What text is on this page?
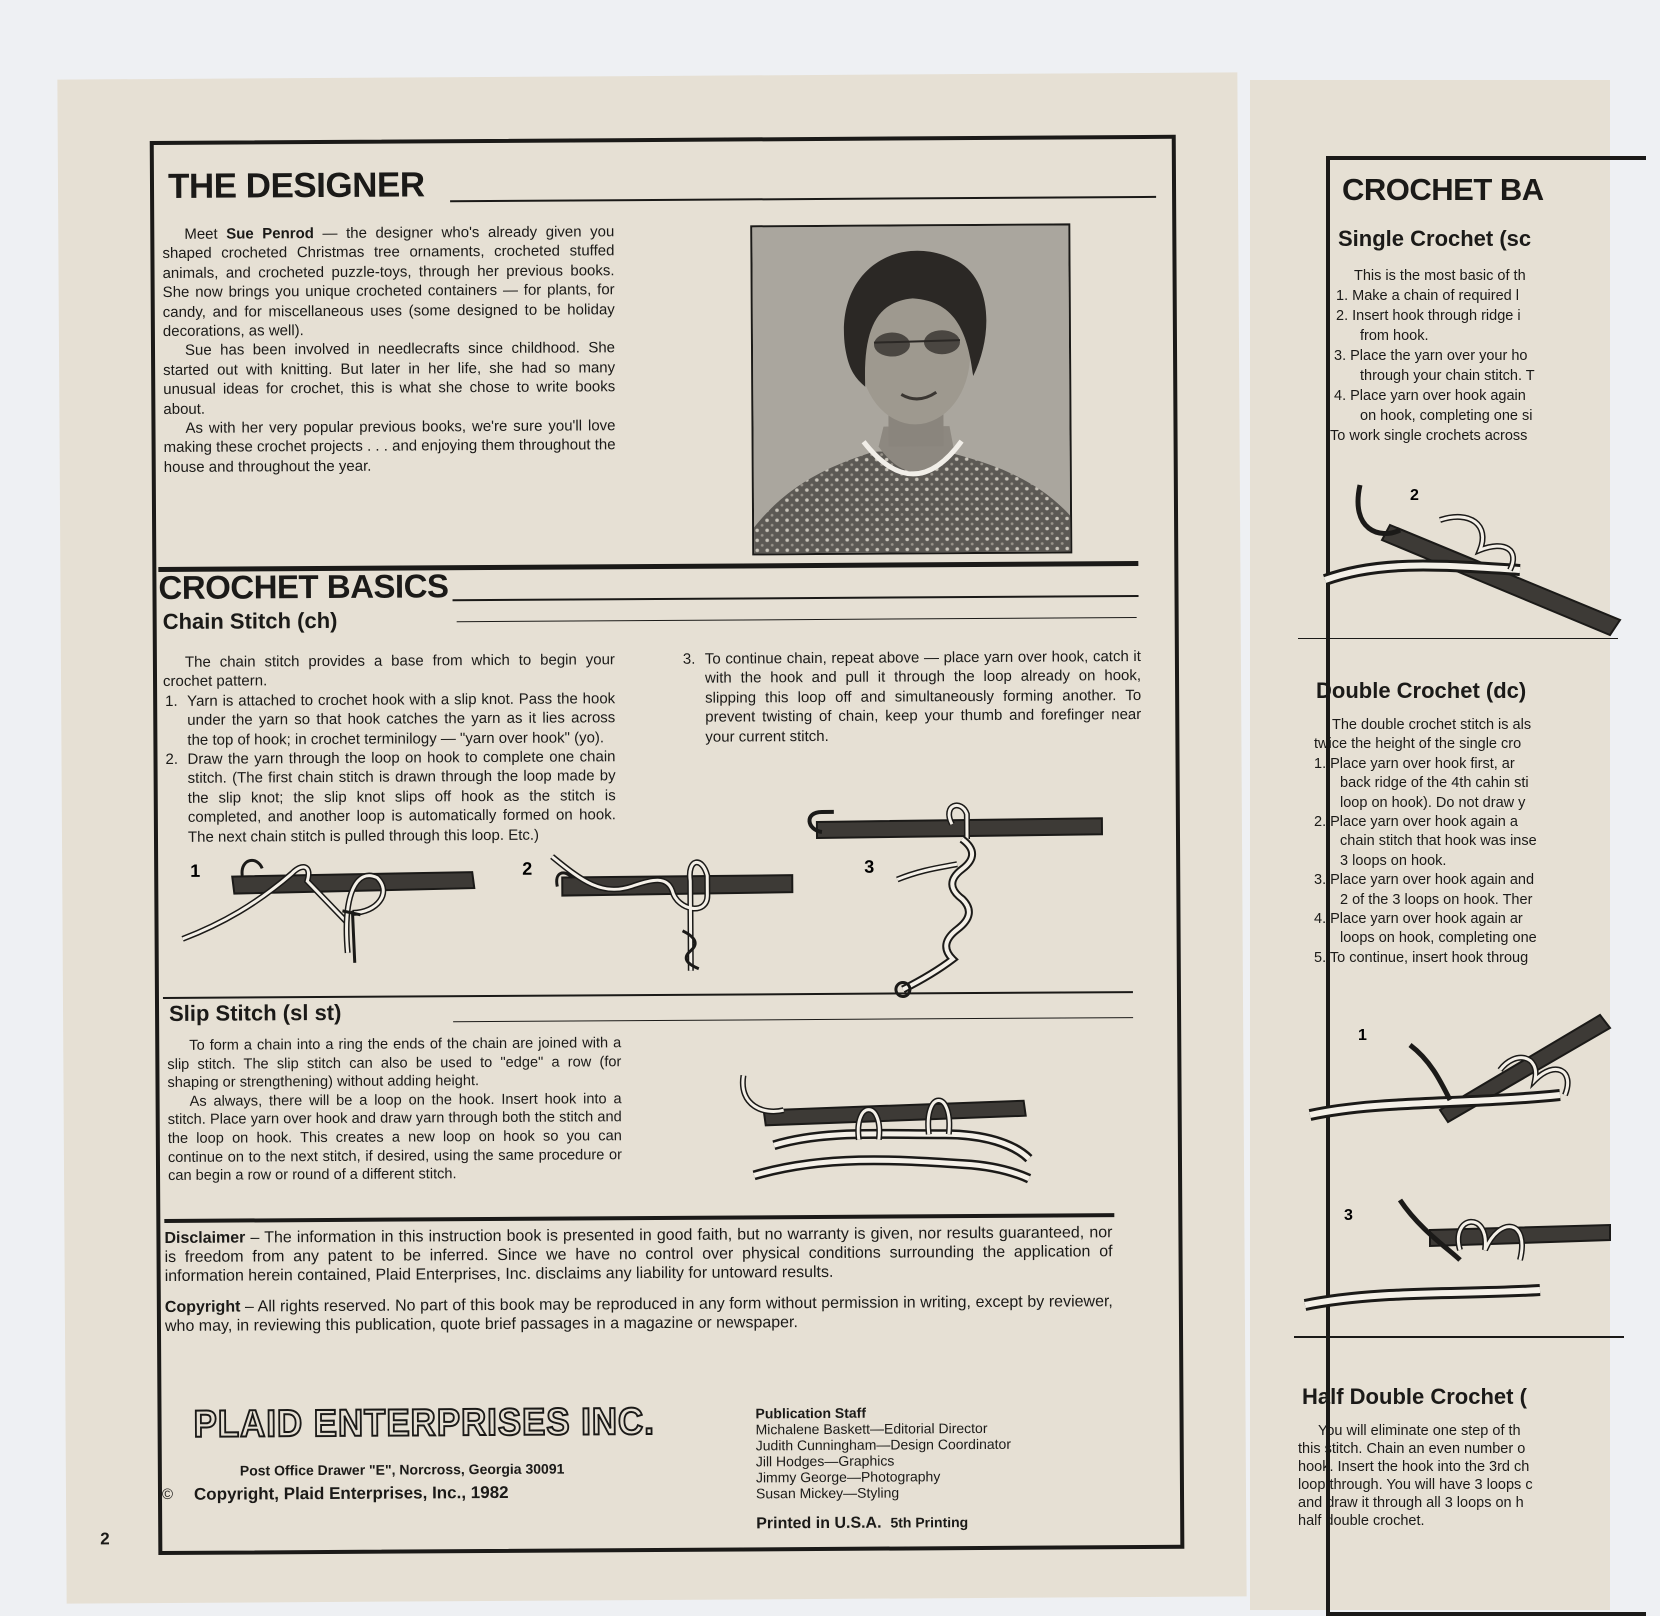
THE DESIGNER

Meet Sue Penrod — the designer who's already given you shaped crocheted Christmas tree ornaments, crocheted stuffed animals, and crocheted puzzle-toys, through her previous books. She now brings you unique crocheted containers — for plants, for candy, and for miscellaneous uses (some designed to be holiday decorations, as well).

Sue has been involved in needlecrafts since childhood. She started out with knitting. But later in her life, she had so many unusual ideas for crochet, this is what she chose to write books about.

As with her very popular previous books, we're sure you'll love making these crochet projects . . . and enjoying them throughout the house and throughout the year.

CROCHET BASICS
Chain Stitch (ch)

The chain stitch provides a base from which to begin your crochet pattern.

1. Yarn is attached to crochet hook with a slip knot. Pass the hook under the yarn so that hook catches the yarn as it lies across the top of hook; in crochet terminilogy — "yarn over hook" (yo).
2. Draw the yarn through the loop on hook to complete one chain stitch. (The first chain stitch is drawn through the loop made by the slip knot; the slip knot slips off hook as the stitch is completed, and another loop is automatically formed on hook. The next chain stitch is pulled through this loop. Etc.)
3. To continue chain, repeat above — place yarn over hook, catch it with the hook and pull it through the loop already on hook, slipping this loop off and simultaneously forming another. To prevent twisting of chain, keep your thumb and forefinger near your current stitch.
1	2	3
Slip Stitch (sl st)

To form a chain into a ring the ends of the chain are joined with a slip stitch. The slip stitch can also be used to "edge" a row (for shaping or strengthening) without adding height.

As always, there will be a loop on the hook. Insert hook into a stitch. Place yarn over hook and draw yarn through both the stitch and the loop on hook. This creates a new loop on hook so you can continue on to the next stitch, if desired, using the same procedure or can begin a row or round of a different stitch.

Disclaimer – The information in this instruction book is presented in good faith, but no warranty is given, nor results guaranteed, nor is freedom from any patent to be inferred. Since we have no control over physical conditions surrounding the application of information herein contained, Plaid Enterprises, Inc. disclaims any liability for untoward results.

Copyright – All rights reserved. No part of this book may be reproduced in any form without permission in writing, except by reviewer, who may, in reviewing this publication, quote brief passages in a magazine or newspaper.

PLAID ENTERPRISES INC.
Post Office Drawer "E", Norcross, Georgia 30091
© Copyright, Plaid Enterprises, Inc., 1982
Publication Staff
Michalene Baskett—Editorial Director
Judith Cunningham—Design Coordinator
Jill Hodges—Graphics
Jimmy George—Photography
Susan Mickey—Styling
Printed in U.S.A. 5th Printing
2
CROCHET BA
Single Crochet (sc
This is the most basic of th
1. Make a chain of required l
2. Insert hook through ridge i
from hook.
3. Place the yarn over your ho
through your chain stitch. T
4. Place yarn over hook again
on hook, completing one si
To work single crochets across
2
Double Crochet (dc)
The double crochet stitch is als
twice the height of the single cro
1. Place yarn over hook first, ar
back ridge of the 4th cahin sti
loop on hook). Do not draw y
2. Place yarn over hook again a
chain stitch that hook was inse
3 loops on hook.
3. Place yarn over hook again and
2 of the 3 loops on hook. Ther
4. Place yarn over hook again ar
loops on hook, completing one
5. To continue, insert hook throug
1
3
Half Double Crochet (
You will eliminate one step of th
this stitch. Chain an even number o
hook. Insert the hook into the 3rd ch
loop through. You will have 3 loops c
and draw it through all 3 loops on h
half double crochet.
